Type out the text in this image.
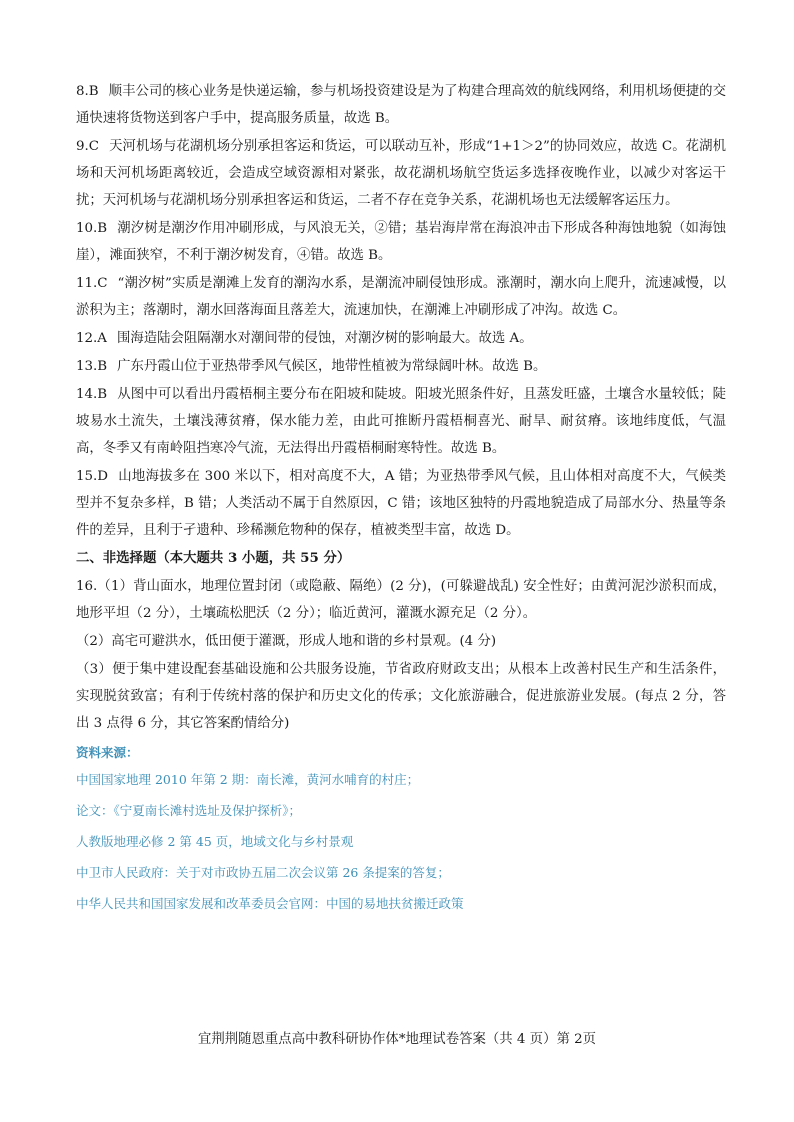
8.B 顺丰公司的核心业务是快递运输，参与机场投资建设是为了构建合理高效的航线网络，利用机场便捷的交通快速将货物送到客户手中，提高服务质量，故选 B。

9.C 天河机场与花湖机场分别承担客运和货运，可以联动互补，形成“1+1＞2”的协同效应，故选 C。花湖机场和天河机场距离较近，会造成空域资源相对紧张，故花湖机场航空货运多选择夜晚作业，以减少对客运干扰；天河机场与花湖机场分别承担客运和货运，二者不存在竞争关系，花湖机场也无法缓解客运压力。

10.B 潮汐树是潮汐作用冲刷形成，与风浪无关，②错；基岩海岸常在海浪冲击下形成各种海蚀地貌（如海蚀崖），滩面狭窄，不利于潮汐树发育，④错。故选 B。

11.C “潮汐树”实质是潮滩上发育的潮沟水系，是潮流冲刷侵蚀形成。涨潮时，潮水向上爬升，流速减慢，以淤积为主；落潮时，潮水回落海面且落差大，流速加快，在潮滩上冲刷形成了冲沟。故选 C。

12.A 围海造陆会阻隔潮水对潮间带的侵蚀，对潮汐树的影响最大。故选 A。

13.B 广东丹霞山位于亚热带季风气候区，地带性植被为常绿阔叶林。故选 B。

14.B 从图中可以看出丹霞梧桐主要分布在阳坡和陡坡。阳坡光照条件好，且蒸发旺盛，土壤含水量较低；陡坡易水土流失，土壤浅薄贫瘠，保水能力差，由此可推断丹霞梧桐喜光、耐旱、耐贫瘠。该地纬度低，气温高，冬季又有南岭阻挡寒冷气流，无法得出丹霞梧桐耐寒特性。故选 B。

15.D 山地海拔多在 300 米以下，相对高度不大，A 错；为亚热带季风气候，且山体相对高度不大，气候类型并不复杂多样，B 错；人类活动不属于自然原因，C 错；该地区独特的丹霞地貌造成了局部水分、热量等条件的差异，且利于孑遗种、珍稀濒危物种的保存，植被类型丰富，故选 D。

二、非选择题（本大题共 3 小题，共 55 分）

16.（1）背山面水，地理位置封闭（或隐蔽、隔绝）(2 分)，(可躲避战乱) 安全性好；由黄河泥沙淤积而成，地形平坦（2 分），土壤疏松肥沃（2 分）；临近黄河，灌溉水源充足（2 分）。

（2）高宅可避洪水，低田便于灌溉，形成人地和谐的乡村景观。(4 分)

（3）便于集中建设配套基础设施和公共服务设施，节省政府财政支出；从根本上改善村民生产和生活条件，实现脱贫致富；有利于传统村落的保护和历史文化的传承；文化旅游融合，促进旅游业发展。(每点 2 分，答出 3 点得 6 分，其它答案酌情给分)

资料来源：

中国国家地理 2010 年第 2 期：南长滩，黄河水哺育的村庄；

论文：《宁夏南长滩村选址及保护探析》；

人教版地理必修 2 第 45 页，地域文化与乡村景观

中卫市人民政府：关于对市政协五届二次会议第 26 条提案的答复；

中华人民共和国国家发展和改革委员会官网：中国的易地扶贫搬迁政策

宜荆荆随恩重点高中教科研协作体*地理试卷答案（共 4 页）第 2页
